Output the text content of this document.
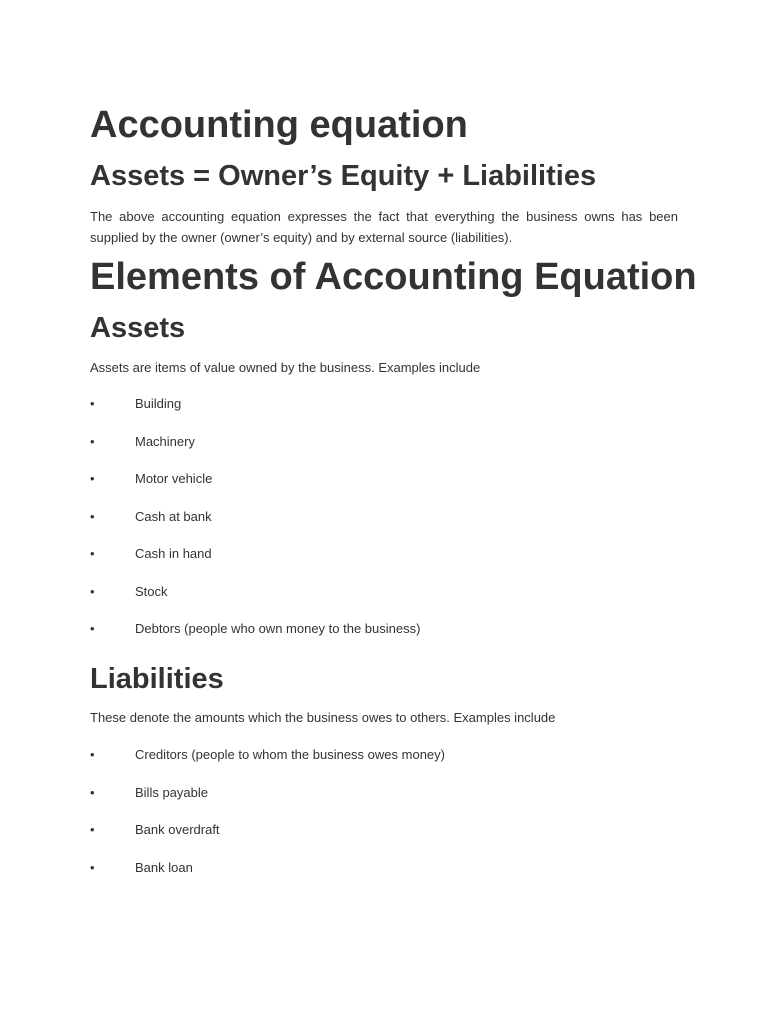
Accounting equation
Assets = Owner’s Equity + Liabilities

The above accounting equation expresses the fact that everything the business owns has been supplied by the owner (owner’s equity) and by external source (liabilities).

Elements of Accounting Equation
Assets

Assets are items of value owned by the business. Examples include

•	Building
•	Machinery
•	Motor vehicle
•	Cash at bank
•	Cash in hand
•	Stock
•	Debtors (people who own money to the business)
Liabilities

These denote the amounts which the business owes to others. Examples include

•	Creditors (people to whom the business owes money)
•	Bills payable
•	Bank overdraft
•	Bank loan
